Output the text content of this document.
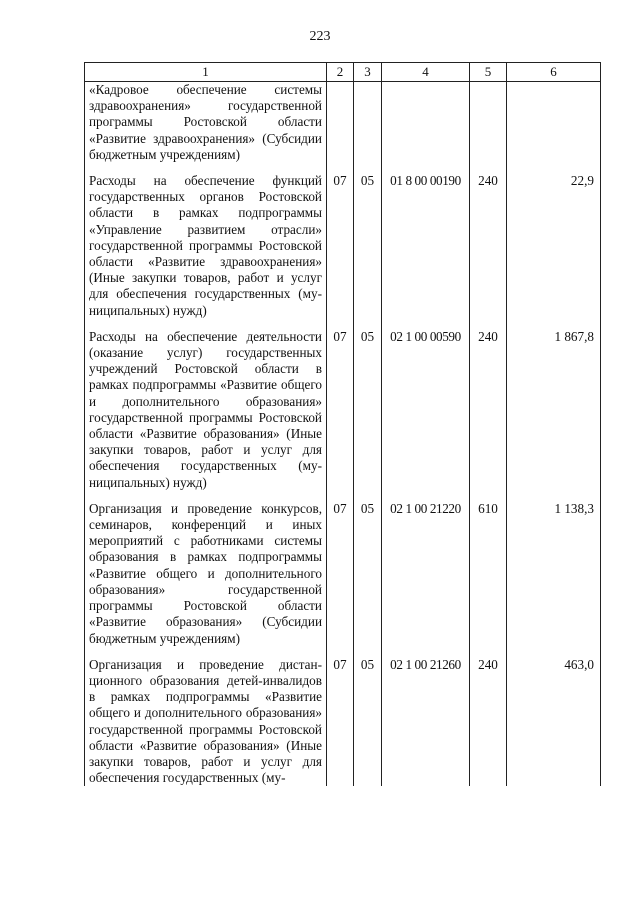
223
1	2	3	4	5	6
«Кадровое обеспечение системы здравоохранения» государственной программы Ростовской области «Развитие здравоохранения» (Субсидии бюджетным учреждениям)					
Расходы на обеспечение функций государственных органов Ростовской области в рамках подпрограммы «Управление развитием отрасли» государственной программы Ростовской области «Развитие здравоохранения» (Иные закупки товаров, работ и услуг для обеспечения государственных (муниципальных) нужд)	07	05	01 8 00 00190	240	22,9
Расходы на обеспечение деятельности (оказание услуг) государственных учреждений Ростовской области в рамках подпрограммы «Развитие общего и дополнительного образования» государственной программы Ростовской области «Развитие образования» (Иные закупки товаров, работ и услуг для обеспечения государственных (муниципальных) нужд)	07	05	02 1 00 00590	240	1 867,8
Организация и проведение конкурсов, семинаров, конференций и иных мероприятий с работниками системы образования в рамках подпрограммы «Развитие общего и дополнительного образования» государственной программы Ростовской области «Развитие образования» (Субсидии бюджетным учреждениям)	07	05	02 1 00 21220	610	1 138,3
Организация и проведение дистанционного образования детей-инвалидов в рамках подпрограммы «Развитие общего и дополнительного образования» государственной программы Ростовской области «Развитие образования» (Иные закупки товаров, работ и услуг для обеспечения государственных (му-	07	05	02 1 00 21260	240	463,0
